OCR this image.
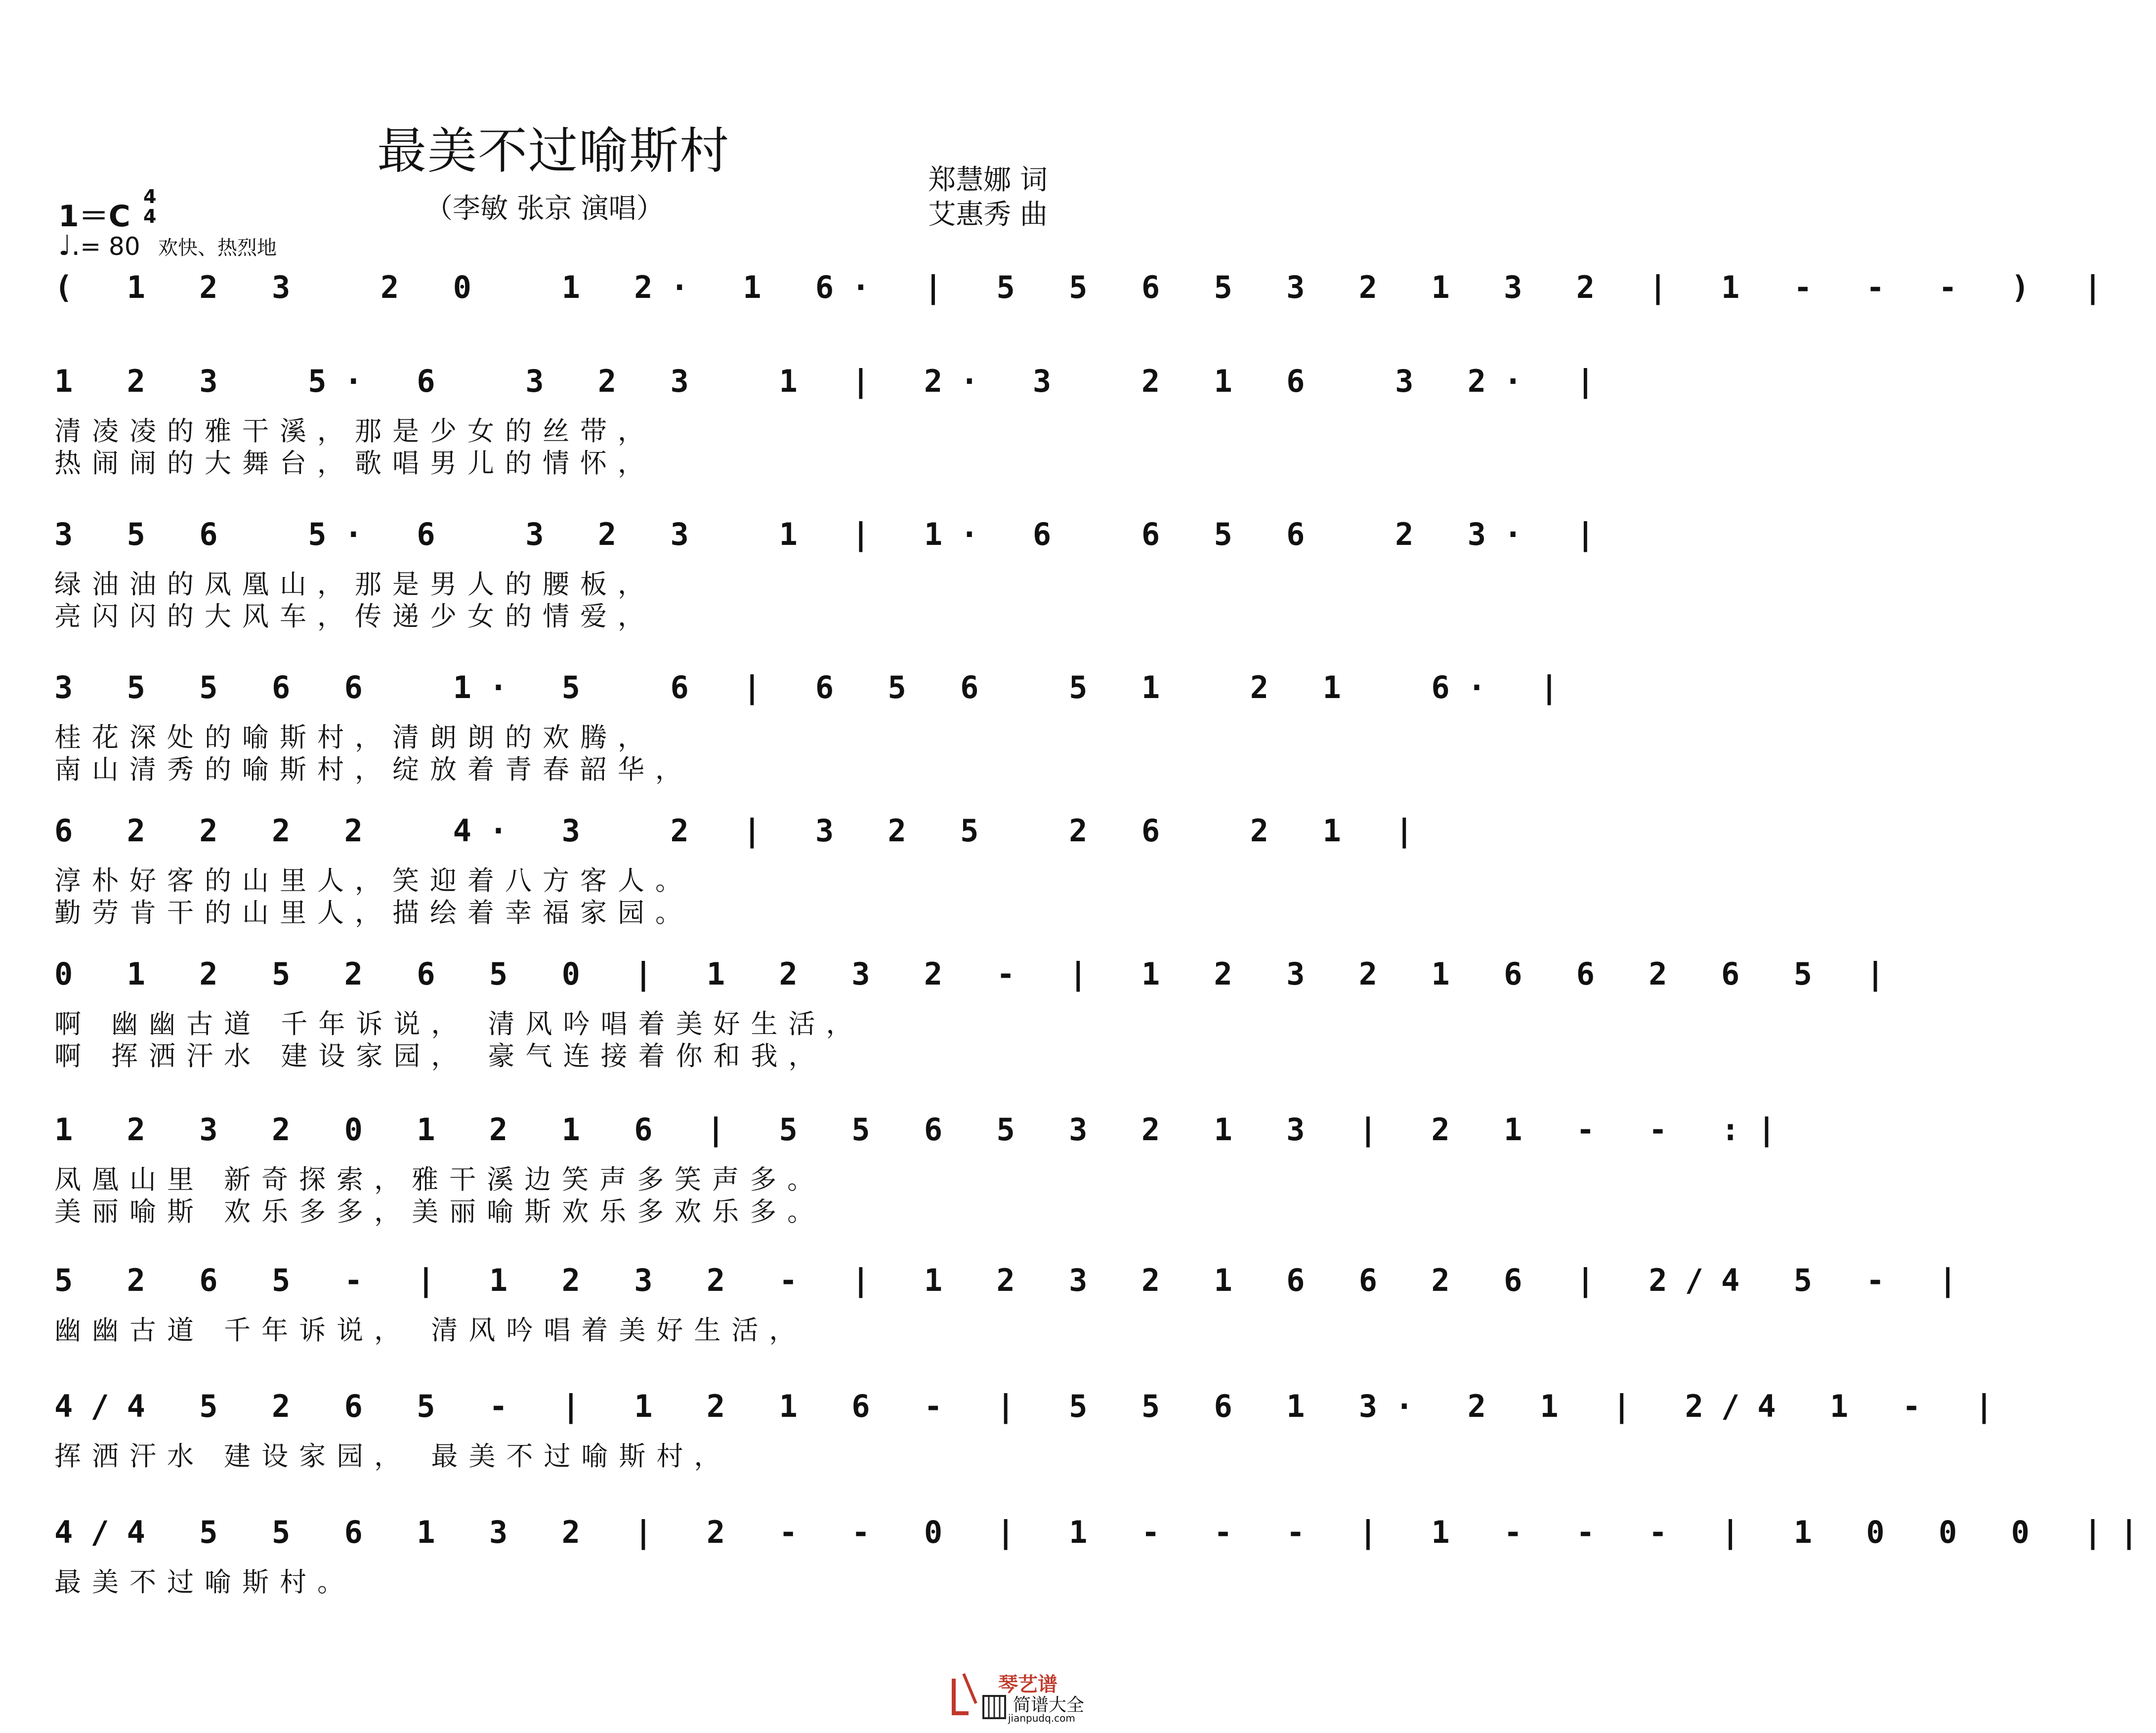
最美不过喻斯村
（李敏 张京 演唱）
郑慧娜 词
艾惠秀 曲
1＝C
4
4
♩.= 80 欢快、热烈地
( 1 2 3  2 0  1 2· 1 6· | 5 5 6 5 3 2 1 3 2 | 1 - - - ) |
1 2 3  5· 6  3 2 3  1 | 2· 3  2 1 6  3 2· |
清凌凌的雅干溪，那是少女的丝带，
热闹闹的大舞台，歌唱男儿的情怀，
3 5 6  5· 6  3 2 3  1 | 1· 6  6 5 6  2 3· |
绿油油的凤凰山，那是男人的腰板，
亮闪闪的大风车，传递少女的情爱，
3 5 5 6 6  1· 5  6 | 6 5 6  5 1  2 1  6· |
桂花深处的喻斯村，清朗朗的欢腾，
南山清秀的喻斯村，绽放着青春韶华，
6 2 2 2 2  4· 3  2 | 3 2 5  2 6  2 1 |
淳朴好客的山里人，笑迎着八方客人。
勤劳肯干的山里人，描绘着幸福家园。
0 1 2 5 2 6 5 0 | 1 2 3 2 - | 1 2 3 2 1 6 6 2 6 5 |
啊 幽幽古道 千年诉说， 清风吟唱着美好生活，
啊 挥洒汗水 建设家园， 豪气连接着你和我，
1 2 3 2 0 1 2 1 6 | 5 5 6 5 3 2 1 3 | 2 1 - - :|
凤凰山里 新奇探索，雅干溪边笑声多笑声多。
美丽喻斯 欢乐多多，美丽喻斯欢乐多欢乐多。
5 2 6 5 - | 1 2 3 2 - | 1 2 3 2 1 6 6 2 6 | 2/4 5 - |
幽幽古道 千年诉说， 清风吟唱着美好生活，
4/4 5 2 6 5 - | 1 2 1 6 - | 5 5 6 1 3· 2 1 | 2/4 1 - |
挥洒汗水 建设家园， 最美不过喻斯村，
4/4 5 5 6 1 3 2 | 2 - - 0 | 1 - - - | 1 - - - | 1 0 0 0 ||
最美不过喻斯村。
琴艺谱
简谱大全
jianpudq.com
